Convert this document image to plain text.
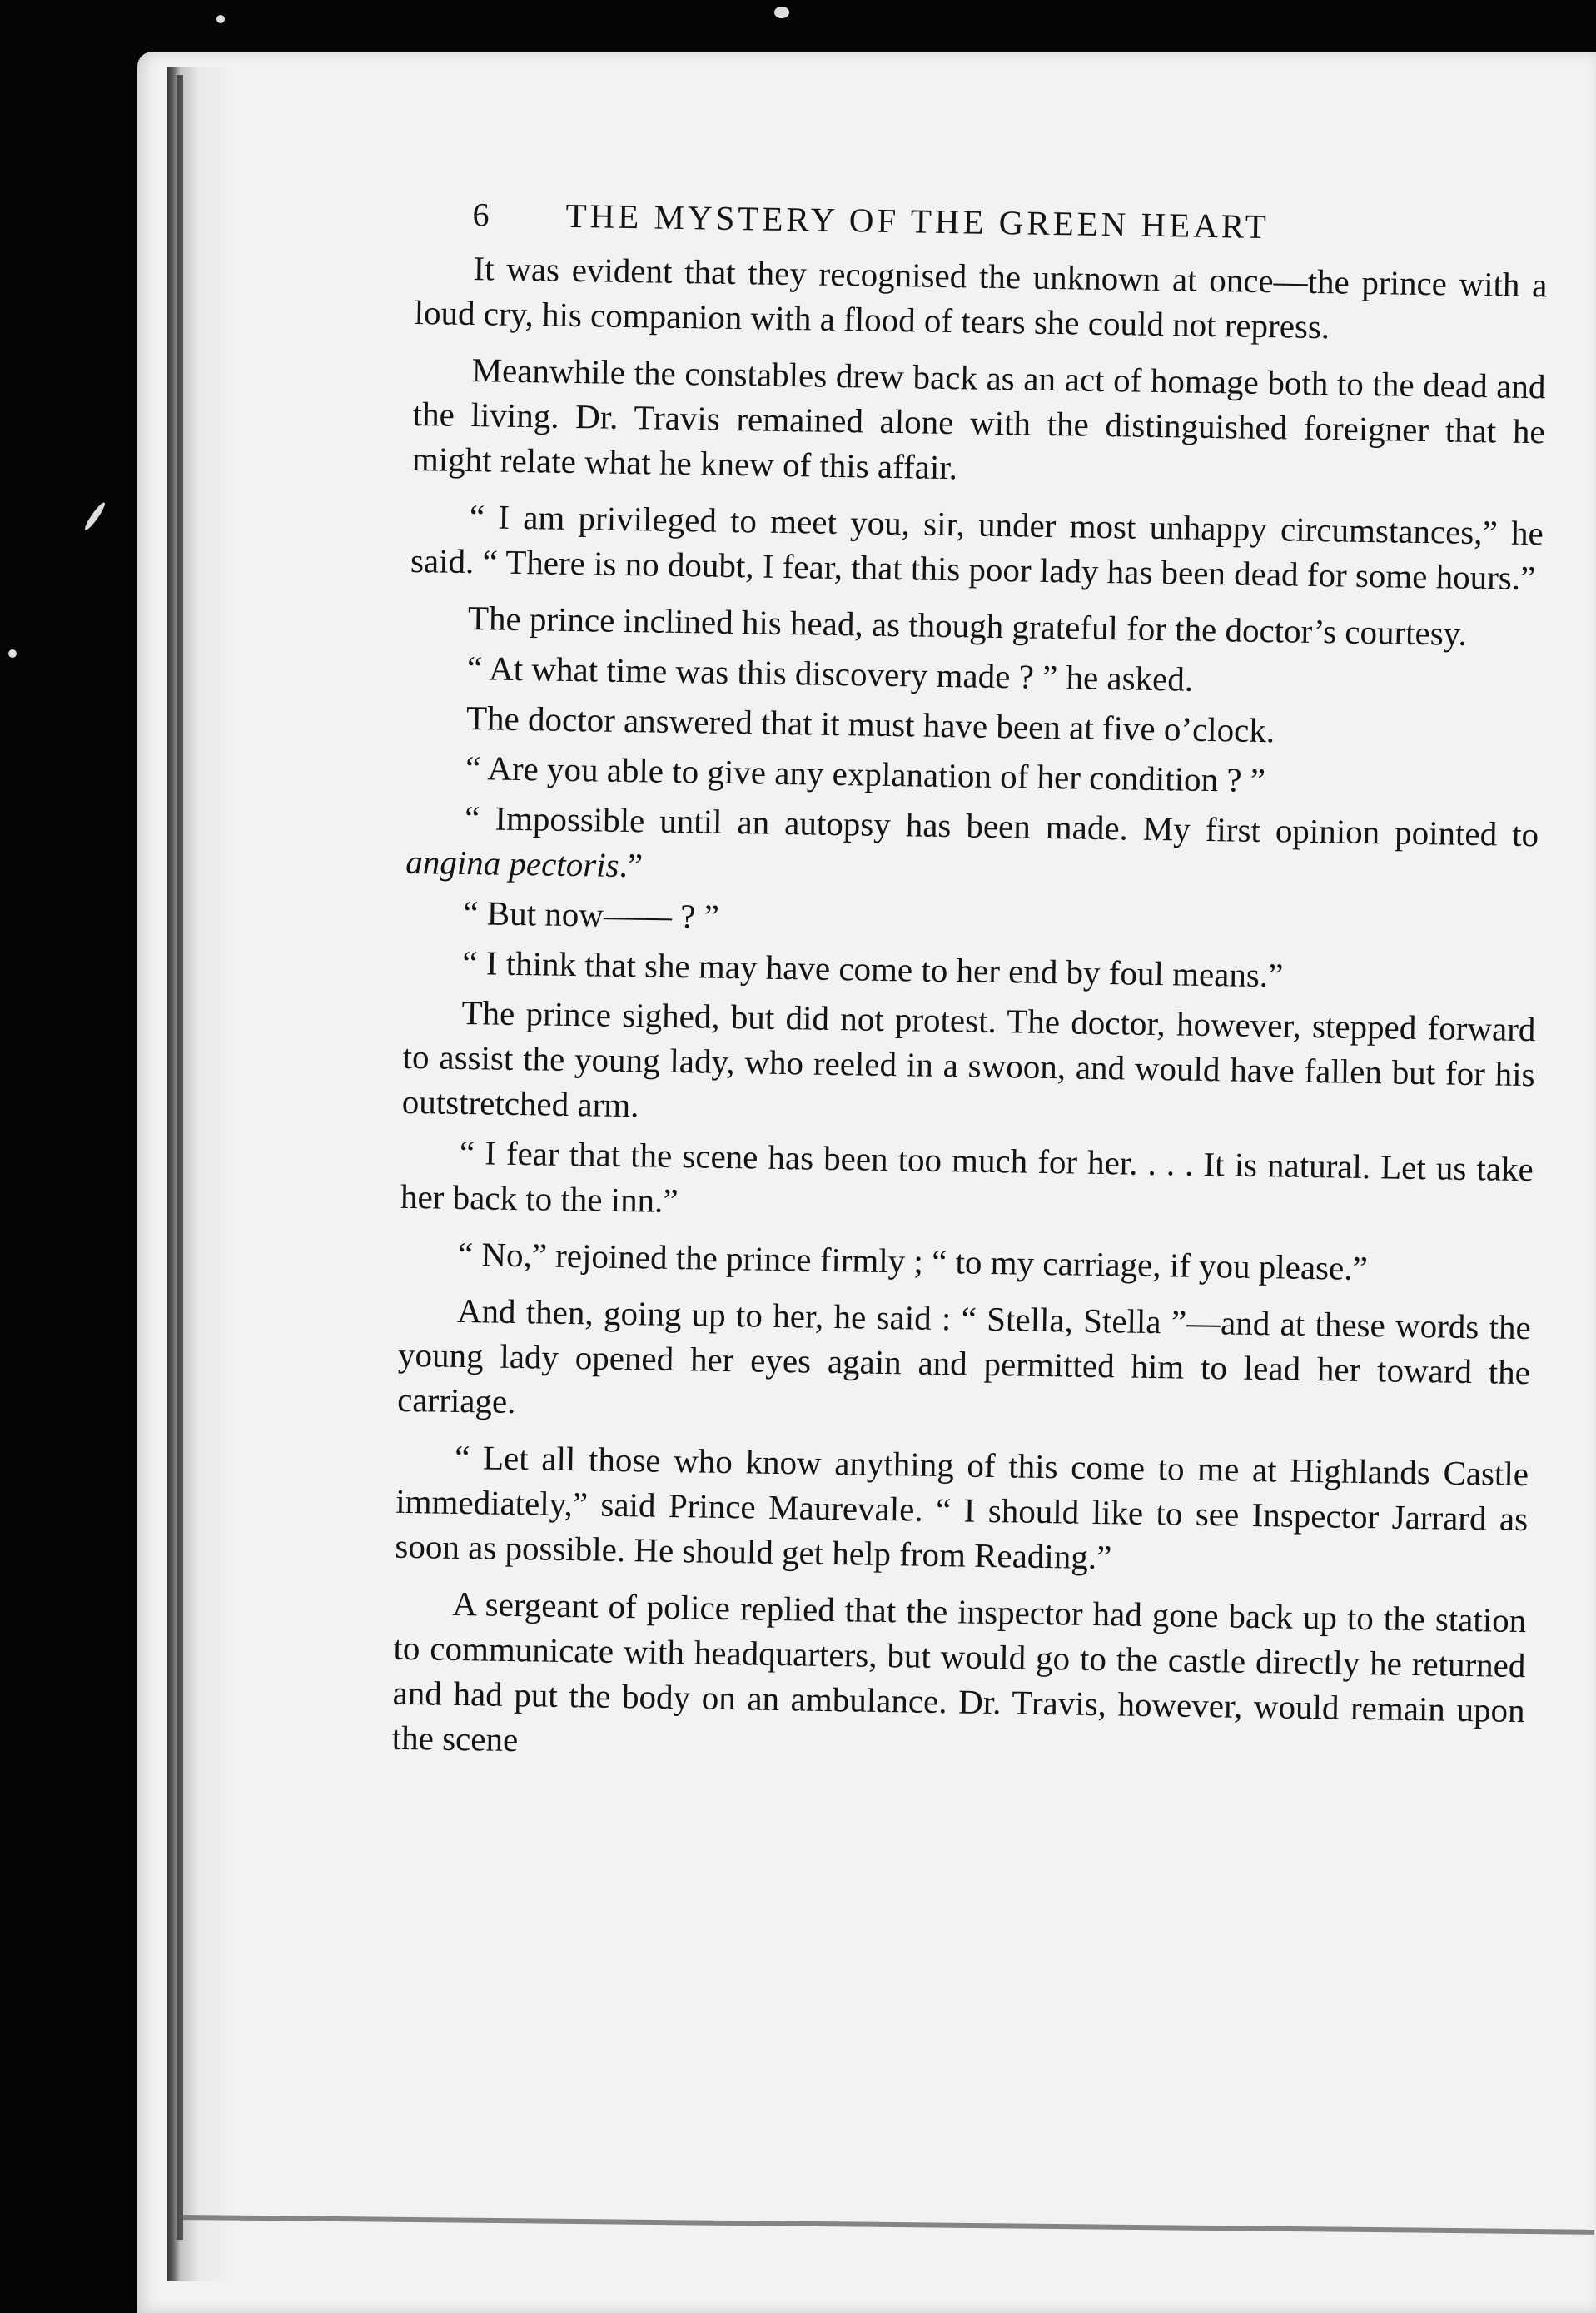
6	THE MYSTERY OF THE GREEN HEART

It was evident that they recognised the unknown at once—the prince with a loud cry, his companion with a flood of tears she could not repress.

Meanwhile the constables drew back as an act of homage both to the dead and the living. Dr. Travis remained alone with the distinguished foreigner that he might relate what he knew of this affair.

“ I am privileged to meet you, sir, under most unhappy circumstances,” he said. “ There is no doubt, I fear, that this poor lady has been dead for some hours.”

The prince inclined his head, as though grateful for the doctor’s courtesy.

“ At what time was this discovery made ? ” he asked.

The doctor answered that it must have been at five o’clock.

“ Are you able to give any explanation of her condition ? ”

“ Impossible until an autopsy has been made. My first opinion pointed to angina pectoris.”

“ But now—— ? ”

“ I think that she may have come to her end by foul means.”

The prince sighed, but did not protest. The doctor, however, stepped forward to assist the young lady, who reeled in a swoon, and would have fallen but for his outstretched arm.

“ I fear that the scene has been too much for her. . . . It is natural. Let us take her back to the inn.”

“ No,” rejoined the prince firmly ; “ to my carriage, if you please.”

And then, going up to her, he said : “ Stella, Stella ”—and at these words the young lady opened her eyes again and permitted him to lead her toward the carriage.

“ Let all those who know anything of this come to me at Highlands Castle immediately,” said Prince Maurevale. “ I should like to see Inspector Jarrard as soon as possible. He should get help from Reading.”

A sergeant of police replied that the inspector had gone back up to the station to communicate with headquarters, but would go to the castle directly he returned and had put the body on an ambulance. Dr. Travis, however, would remain upon the scene
